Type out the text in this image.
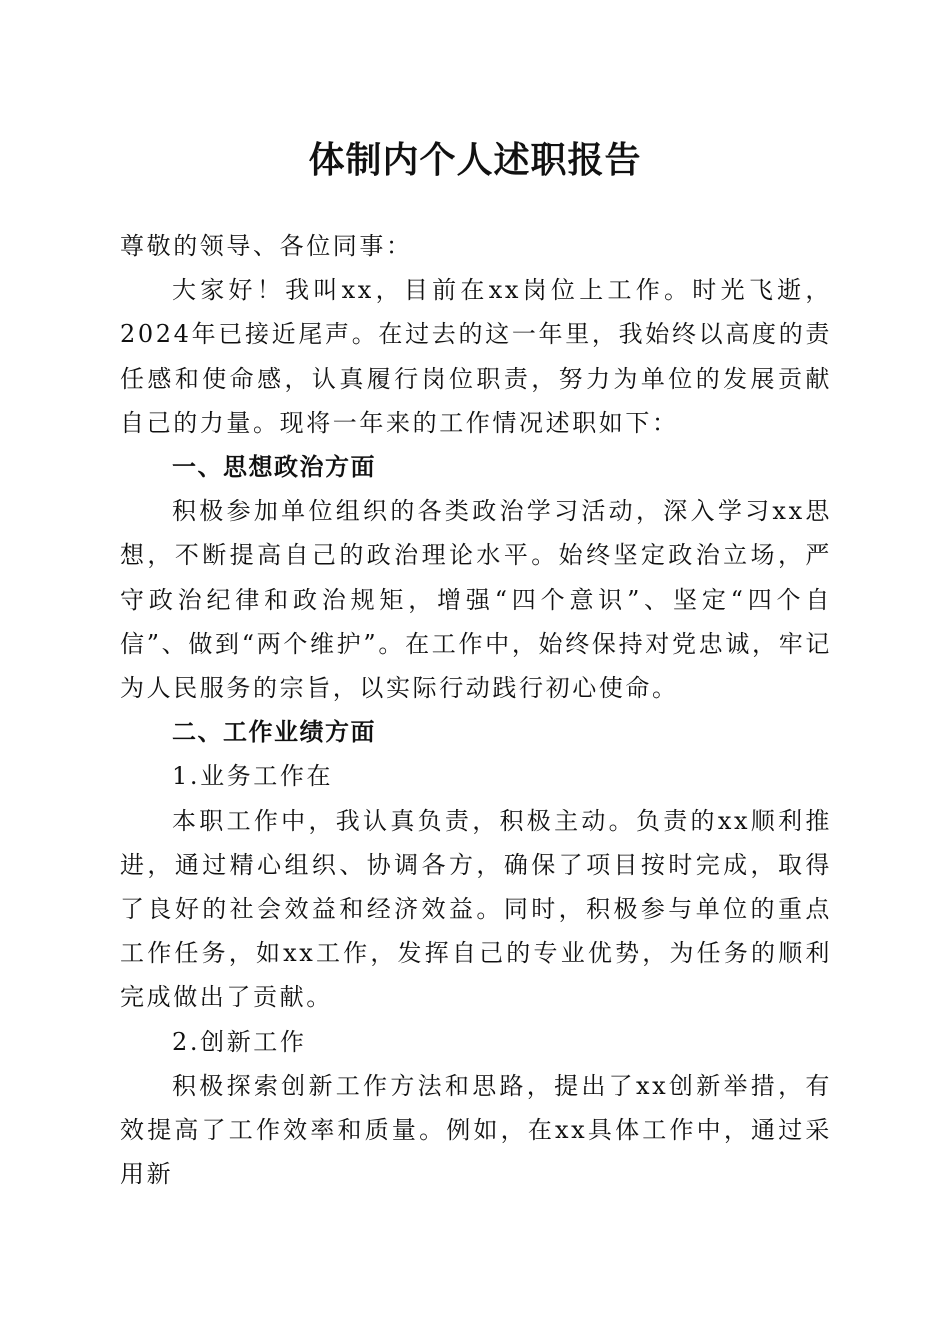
体制内个人述职报告

尊敬的领导、各位同事：

大家好！我叫xx，目前在xx岗位上工作。时光飞逝，2024年已接近尾声。在过去的这一年里，我始终以高度的责任感和使命感，认真履行岗位职责，努力为单位的发展贡献自己的力量。现将一年来的工作情况述职如下：

一、思想政治方面

积极参加单位组织的各类政治学习活动，深入学习xx思想，不断提高自己的政治理论水平。始终坚定政治立场，严守政治纪律和政治规矩，增强“四个意识”、坚定“四个自信”、做到“两个维护”。在工作中，始终保持对党忠诚，牢记为人民服务的宗旨，以实际行动践行初心使命。

二、工作业绩方面

1.业务工作在

本职工作中，我认真负责，积极主动。负责的xx顺利推进，通过精心组织、协调各方，确保了项目按时完成，取得了良好的社会效益和经济效益。同时，积极参与单位的重点工作任务，如xx工作，发挥自己的专业优势，为任务的顺利完成做出了贡献。

2.创新工作

积极探索创新工作方法和思路，提出了xx创新举措，有效提高了工作效率和质量。例如，在xx具体工作中，通过采用新
